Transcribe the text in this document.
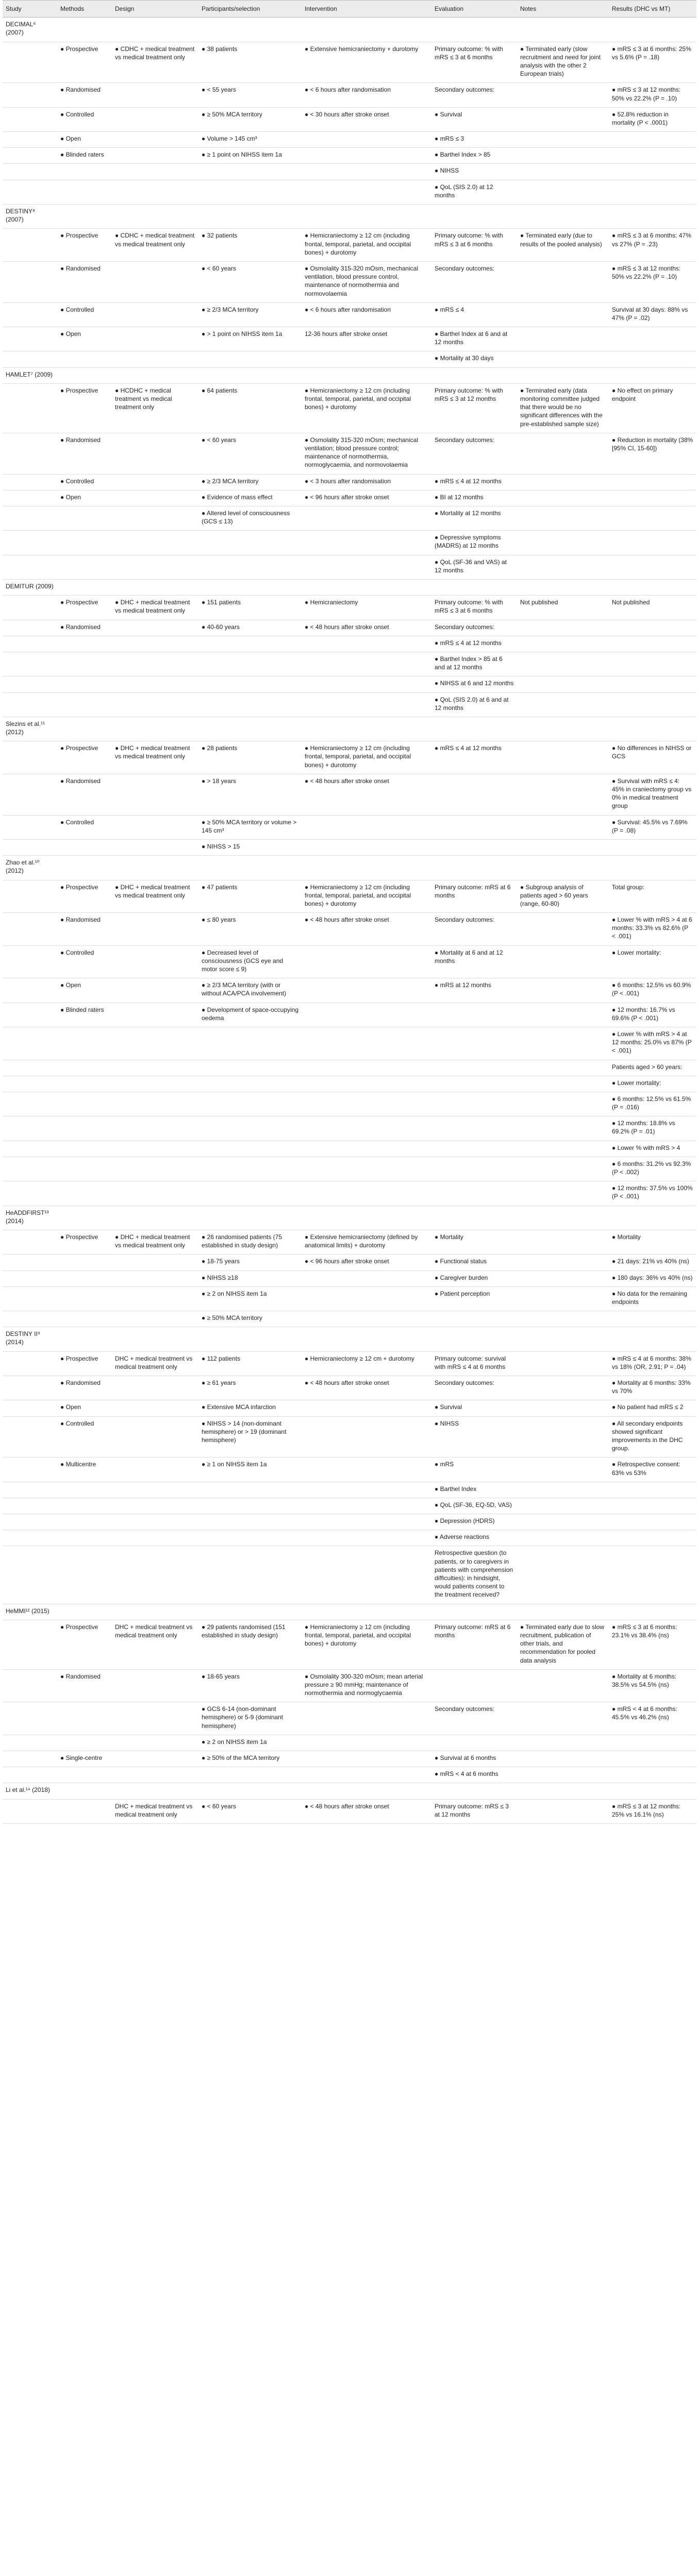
Study	Methods	Design	Participants/selection	Intervention	Evaluation	Notes	Results (DHC vs MT)
DECIMAL⁶ (2007)							
	● Prospective	● CDHC + medical treatment vs medical treatment only	● 38 patients	● Extensive hemicraniectomy + durotomy	Primary outcome: % with mRS ≤ 3 at 6 months	● Terminated early (slow recruitment and need for joint analysis with the other 2 European trials)	● mRS ≤ 3 at 6 months: 25% vs 5.6% (P = .18)
	● Randomised		● < 55 years	● < 6 hours after randomisation	Secondary outcomes:		● mRS ≤ 3 at 12 months: 50% vs 22.2% (P = .10)
	● Controlled		● ≥ 50% MCA territory	● < 30 hours after stroke onset	● Survival		● 52.8% reduction in mortality (P < .0001)
	● Open		● Volume > 145 cm³		● mRS ≤ 3		
	● Blinded raters		● ≥ 1 point on NIHSS item 1a		● Barthel Index > 85		
					● NIHSS		
					● QoL (SIS 2.0) at 12 months		
DESTINY⁸ (2007)							
	● Prospective	● CDHC + medical treatment vs medical treatment only	● 32 patients	● Hemicraniectomy ≥ 12 cm (including frontal, temporal, parietal, and occipital bones) + durotomy	Primary outcome: % with mRS ≤ 3 at 6 months	● Terminated early (due to results of the pooled analysis)	● mRS ≤ 3 at 6 months: 47% vs 27% (P = .23)
	● Randomised		● < 60 years	● Osmolality 315-320 mOsm, mechanical ventilation, blood pressure control, maintenance of normothermia and normovolaemia	Secondary outcomes:		● mRS ≤ 3 at 12 months: 50% vs 22.2% (P = .10)
	● Controlled		● ≥ 2/3 MCA territory	● < 6 hours after randomisation	● mRS ≤ 4		Survival at 30 days: 88% vs 47% (P = .02)
	● Open		● > 1 point on NIHSS item 1a	12-36 hours after stroke onset	● Barthel Index at 6 and at 12 months		
					● Mortality at 30 days		
HAMLET⁷ (2009)							
	● Prospective	● HCDHC + medical treatment vs medical treatment only	● 64 patients	● Hemicraniectomy ≥ 12 cm (including frontal, temporal, parietal, and occipital bones) + durotomy	Primary outcome: % with mRS ≤ 3 at 12 months	● Terminated early (data monitoring committee judged that there would be no significant differences with the pre-established sample size)	● No effect on primary endpoint
	● Randomised		● < 60 years	● Osmolality 315-320 mOsm; mechanical ventilation; blood pressure control; maintenance of normothermia, normoglycaemia, and normovolaemia	Secondary outcomes:		● Reduction in mortality (38% [95% CI, 15-60])
	● Controlled		● ≥ 2/3 MCA territory	● < 3 hours after randomisation	● mRS ≤ 4 at 12 months		
	● Open		● Evidence of mass effect	● < 96 hours after stroke onset	● BI at 12 months		
			● Altered level of consciousness (GCS ≤ 13)		● Mortality at 12 months		
					● Depressive symptoms (MADRS) at 12 months		
					● QoL (SF-36 and VAS) at 12 months		
DEMITUR (2009)							
	● Prospective	● DHC + medical treatment vs medical treatment only	● 151 patients	● Hemicraniectomy	Primary outcome: % with mRS ≤ 3 at 6 months	Not published	Not published
	● Randomised		● 40-60 years	● < 48 hours after stroke onset	Secondary outcomes:		
					● mRS ≤ 4 at 12 months		
					● Barthel Index > 85 at 6 and at 12 months		
					● NIHSS at 6 and 12 months		
					● QoL (SIS 2.0) at 6 and at 12 months		
Slezins et al.¹¹ (2012)							
	● Prospective	● DHC + medical treatment vs medical treatment only	● 28 patients	● Hemicraniectomy ≥ 12 cm (including frontal, temporal, parietal, and occipital bones) + durotomy	● mRS ≤ 4 at 12 months		● No differences in NIHSS or GCS
	● Randomised		● > 18 years	● < 48 hours after stroke onset			● Survival with mRS ≤ 4: 45% in craniectomy group vs 0% in medical treatment group
	● Controlled		● ≥ 50% MCA territory or volume > 145 cm³				● Survival: 45.5% vs 7.69% (P = .08)
			● NIHSS > 15				
Zhao et al.¹⁰ (2012)							
	● Prospective	● DHC + medical treatment vs medical treatment only	● 47 patients	● Hemicraniectomy ≥ 12 cm (including frontal, temporal, parietal, and occipital bones) + durotomy	Primary outcome: mRS at 6 months	● Subgroup analysis of patients aged > 60 years (range, 60-80)	Total group:
	● Randomised		● ≤ 80 years	● < 48 hours after stroke onset	Secondary outcomes:		● Lower % with mRS > 4 at 6 months: 33.3% vs 82.6% (P < .001)
	● Controlled		● Decreased level of consciousness (GCS eye and motor score ≤ 9)		● Mortality at 6 and at 12 months		● Lower mortality:
	● Open		● ≥ 2/3 MCA territory (with or without ACA/PCA involvement)		● mRS at 12 months		● 6 months: 12.5% vs 60.9% (P < .001)
	● Blinded raters		● Development of space-occupying oedema				● 12 months: 16.7% vs 69.6% (P < .001)
							● Lower % with mRS > 4 at 12 months: 25.0% vs 87% (P < .001)
							Patients aged > 60 years:
							● Lower mortality:
							● 6 months: 12.5% vs 61.5% (P = .016)
							● 12 months: 18.8% vs 69.2% (P = .01)
							● Lower % with mRS > 4
							● 6 months: 31.2% vs 92.3% (P < .002)
							● 12 months: 37.5% vs 100% (P < .001)
HeADDFIRST¹³ (2014)							
	● Prospective	● DHC + medical treatment vs medical treatment only	● 26 randomised patients (75 established in study design)	● Extensive hemicraniectomy (defined by anatomical limits) + durotomy	● Mortality		● Mortality
			● 18-75 years	● < 96 hours after stroke onset	● Functional status		● 21 days: 21% vs 40% (ns)
			● NIHSS ≥18		● Caregiver burden		● 180 days: 36% vs 40% (ns)
			● ≥ 2 on NIHSS item 1a		● Patient perception		● No data for the remaining endpoints
			● ≥ 50% MCA territory				
DESTINY II⁹ (2014)							
	● Prospective	DHC + medical treatment vs medical treatment only	● 112 patients	● Hemicraniectomy ≥ 12 cm + durotomy	Primary outcome: survival with mRS ≤ 4 at 6 months		● mRS ≤ 4 at 6 months: 38% vs 18% (OR, 2.91; P = .04)
	● Randomised		● ≥ 61 years	● < 48 hours after stroke onset	Secondary outcomes:		● Mortality at 6 months: 33% vs 70%
	● Open		● Extensive MCA infarction		● Survival		● No patient had mRS ≤ 2
	● Controlled		● NIHSS > 14 (non-dominant hemisphere) or > 19 (dominant hemisphere)		● NIHSS		● All secondary endpoints showed significant improvements in the DHC group.
	● Multicentre		● ≥ 1 on NIHSS item 1a		● mRS		● Retrospective consent: 63% vs 53%
					● Barthel Index		
					● QoL (SF-36, EQ-5D, VAS)		
					● Depression (HDRS)		
					● Adverse reactions		
					Retrospective question (to patients, or to caregivers in patients with comprehension difficulties): in hindsight, would patients consent to the treatment received?		
HeMMI¹² (2015)							
	● Prospective	DHC + medical treatment vs medical treatment only	● 29 patients randomised (151 established in study design)	● Hemicraniectomy ≥ 12 cm (including frontal, temporal, parietal, and occipital bones) + durotomy	Primary outcome: mRS at 6 months	● Terminated early due to slow recruitment, publication of other trials, and recommendation for pooled data analysis	● mRS ≤ 3 at 6 months: 23.1% vs 38.4% (ns)
	● Randomised		● 18-65 years	● Osmolality 300-320 mOsm; mean arterial pressure ≥ 90 mmHg; maintenance of normothermia and normoglycaemia			● Mortality at 6 months: 38.5% vs 54.5% (ns)
			● GCS 6-14 (non-dominant hemisphere) or 5-9 (dominant hemisphere)		Secondary outcomes:		● mRS < 4 at 6 months: 45.5% vs 46.2% (ns)
			● ≥ 2 on NIHSS item 1a				
	● Single-centre		● ≥ 50% of the MCA territory		● Survival at 6 months		
					● mRS < 4 at 6 months		
Li et al.¹⁴ (2018)							
		DHC + medical treatment vs medical treatment only	● < 60 years	● < 48 hours after stroke onset	Primary outcome: mRS ≤ 3 at 12 months		● mRS ≤ 3 at 12 months: 25% vs 16.1% (ns)
